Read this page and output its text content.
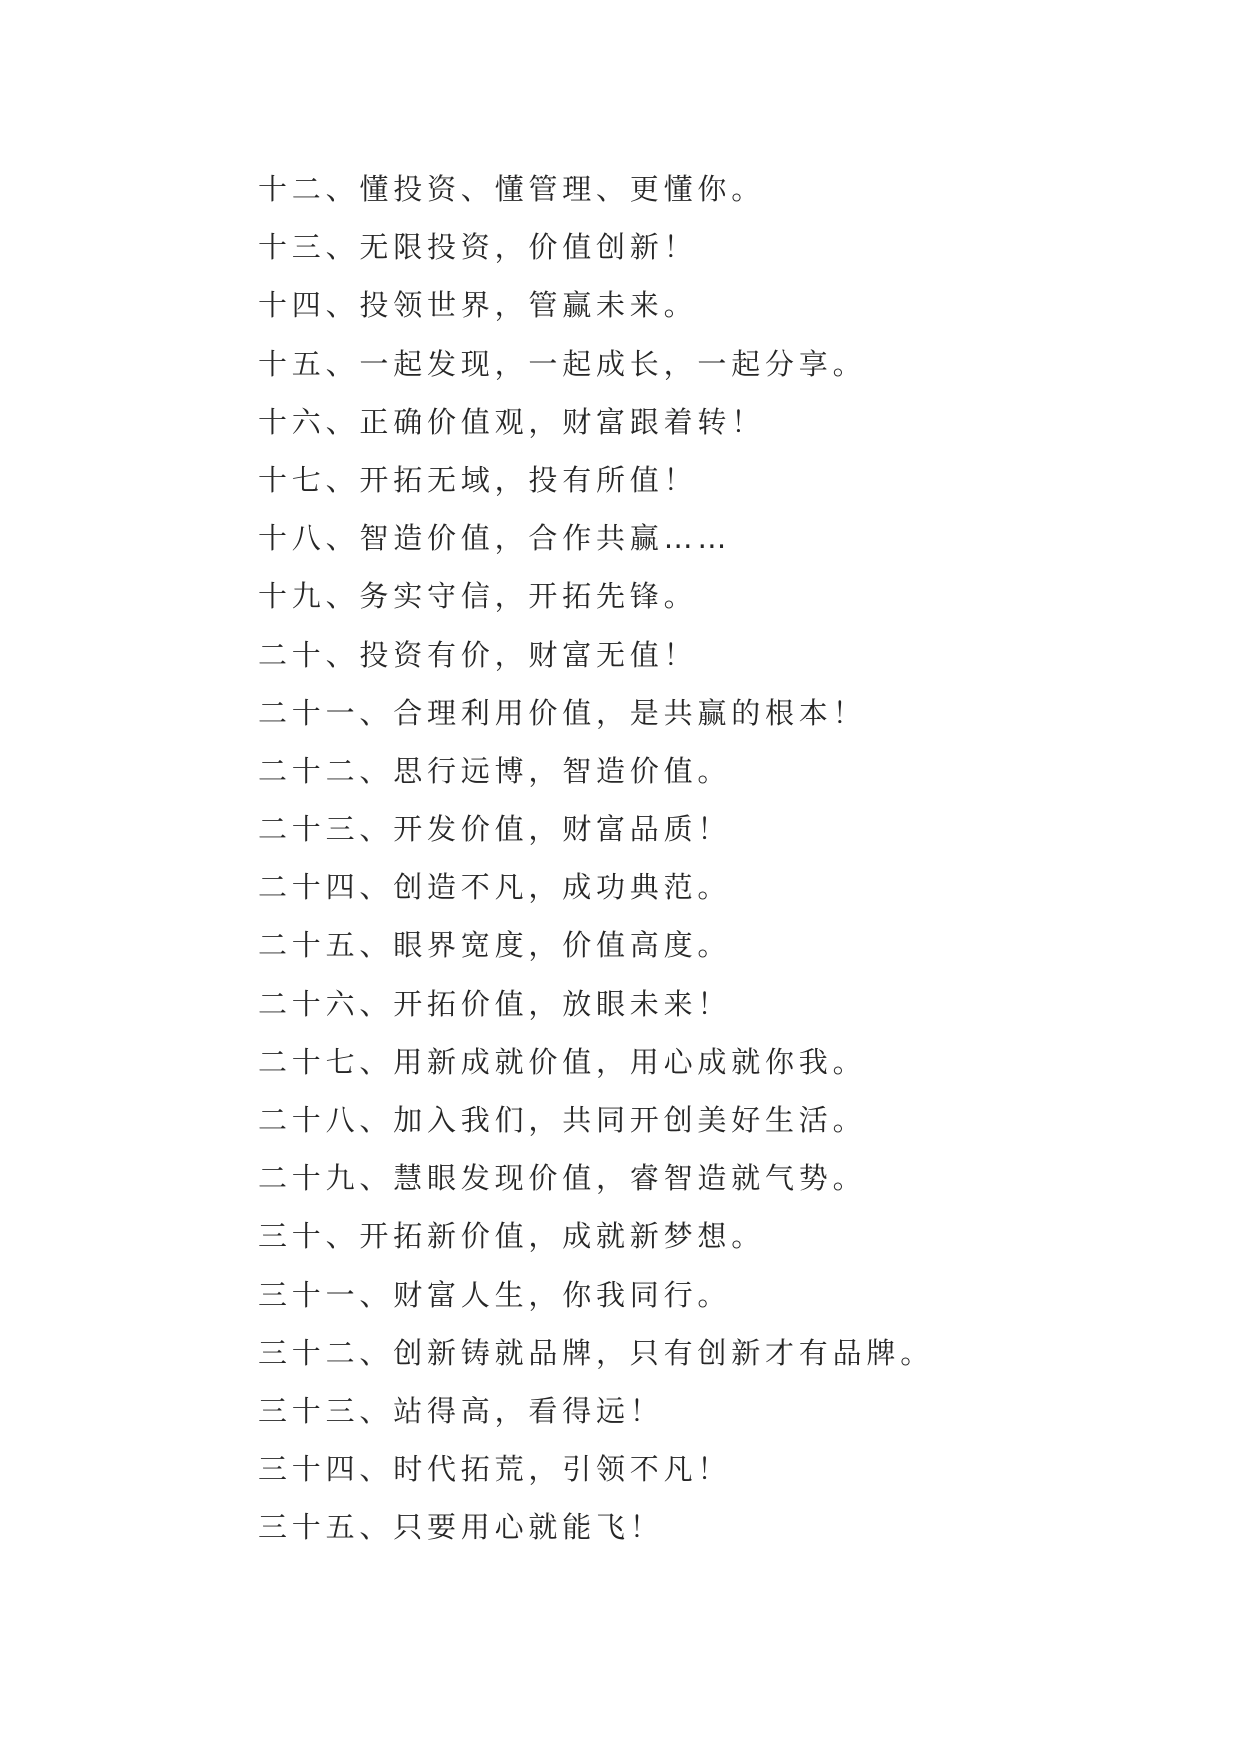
十二、懂投资、懂管理、更懂你。
十三、无限投资，价值创新！
十四、投领世界，管赢未来。
十五、一起发现，一起成长，一起分享。
十六、正确价值观，财富跟着转！
十七、开拓无域，投有所值！
十八、智造价值，合作共赢……
十九、务实守信，开拓先锋。
二十、投资有价，财富无值！
二十一、合理利用价值，是共赢的根本！
二十二、思行远博，智造价值。
二十三、开发价值，财富品质！
二十四、创造不凡，成功典范。
二十五、眼界宽度，价值高度。
二十六、开拓价值，放眼未来！
二十七、用新成就价值，用心成就你我。
二十八、加入我们，共同开创美好生活。
二十九、慧眼发现价值，睿智造就气势。
三十、开拓新价值，成就新梦想。
三十一、财富人生，你我同行。
三十二、创新铸就品牌，只有创新才有品牌。
三十三、站得高，看得远！
三十四、时代拓荒，引领不凡！
三十五、只要用心就能飞！
